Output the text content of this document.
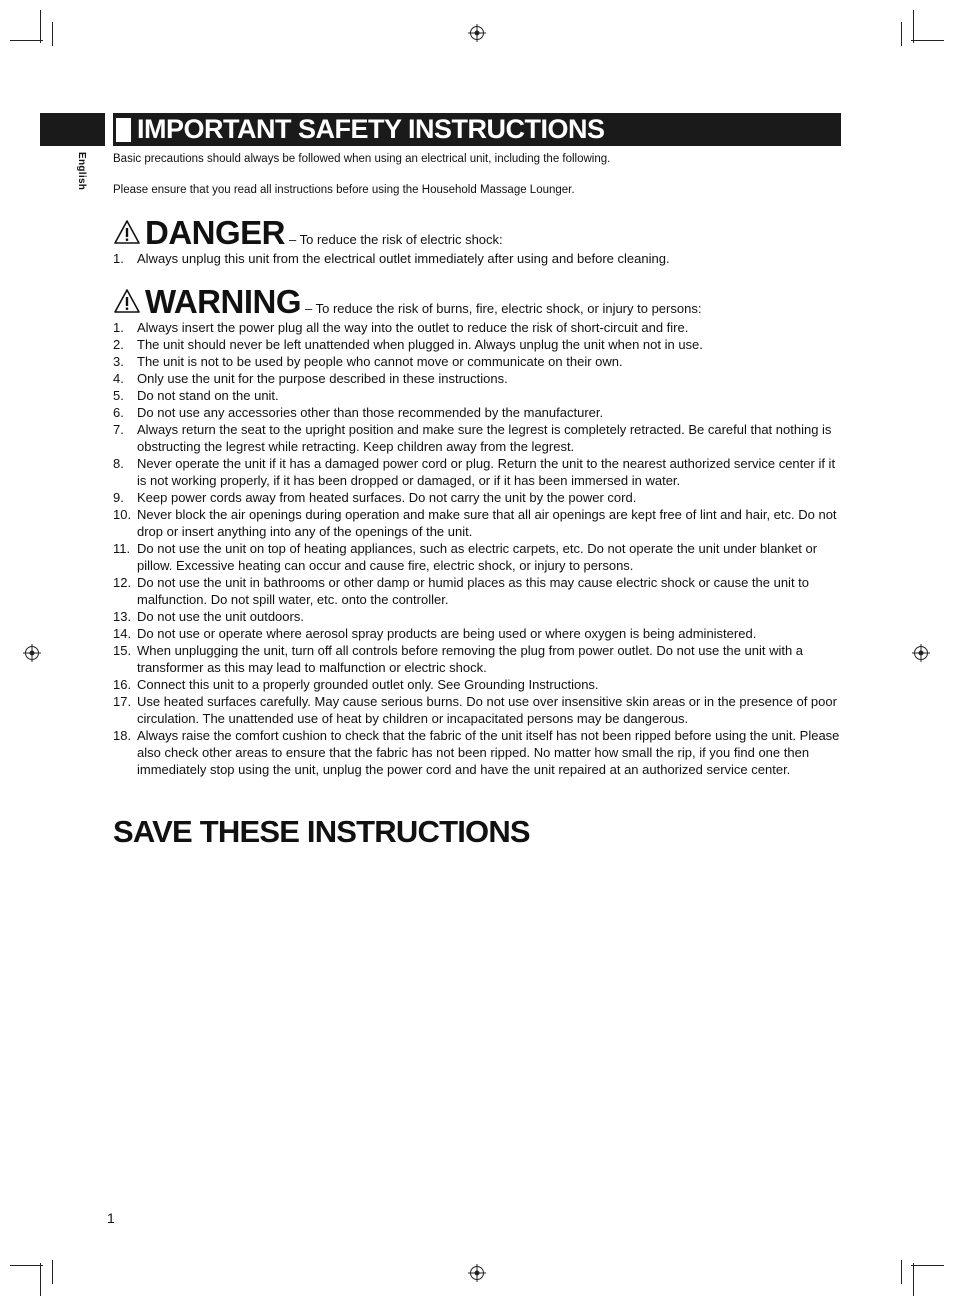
English
IMPORTANT SAFETY INSTRUCTIONS
Basic precautions should always be followed when using an electrical unit, including the following.
Please ensure that you read all instructions before using the Household Massage Lounger.
DANGER – To reduce the risk of electric shock:
1. Always unplug this unit from the electrical outlet immediately after using and before cleaning.
WARNING – To reduce the risk of burns, fire, electric shock, or injury to persons:
1. Always insert the power plug all the way into the outlet to reduce the risk of short-circuit and fire.
2. The unit should never be left unattended when plugged in. Always unplug the unit when not in use.
3. The unit is not to be used by people who cannot move or communicate on their own.
4. Only use the unit for the purpose described in these instructions.
5. Do not stand on the unit.
6. Do not use any accessories other than those recommended by the manufacturer.
7. Always return the seat to the upright position and make sure the legrest is completely retracted. Be careful that nothing is obstructing the legrest while retracting. Keep children away from the legrest.
8. Never operate the unit if it has a damaged power cord or plug. Return the unit to the nearest authorized service center if it is not working properly, if it has been dropped or damaged, or if it has been immersed in water.
9. Keep power cords away from heated surfaces. Do not carry the unit by the power cord.
10. Never block the air openings during operation and make sure that all air openings are kept free of lint and hair, etc. Do not drop or insert anything into any of the openings of the unit.
11. Do not use the unit on top of heating appliances, such as electric carpets, etc. Do not operate the unit under blanket or pillow. Excessive heating can occur and cause fire, electric shock, or injury to persons.
12. Do not use the unit in bathrooms or other damp or humid places as this may cause electric shock or cause the unit to malfunction. Do not spill water, etc. onto the controller.
13. Do not use the unit outdoors.
14. Do not use or operate where aerosol spray products are being used or where oxygen is being administered.
15. When unplugging the unit, turn off all controls before removing the plug from power outlet. Do not use the unit with a transformer as this may lead to malfunction or electric shock.
16. Connect this unit to a properly grounded outlet only. See Grounding Instructions.
17. Use heated surfaces carefully. May cause serious burns. Do not use over insensitive skin areas or in the presence of poor circulation. The unattended use of heat by children or incapacitated persons may be dangerous.
18. Always raise the comfort cushion to check that the fabric of the unit itself has not been ripped before using the unit. Please also check other areas to ensure that the fabric has not been ripped. No matter how small the rip, if you find one then immediately stop using the unit, unplug the power cord and have the unit repaired at an authorized service center.
SAVE THESE INSTRUCTIONS
1
